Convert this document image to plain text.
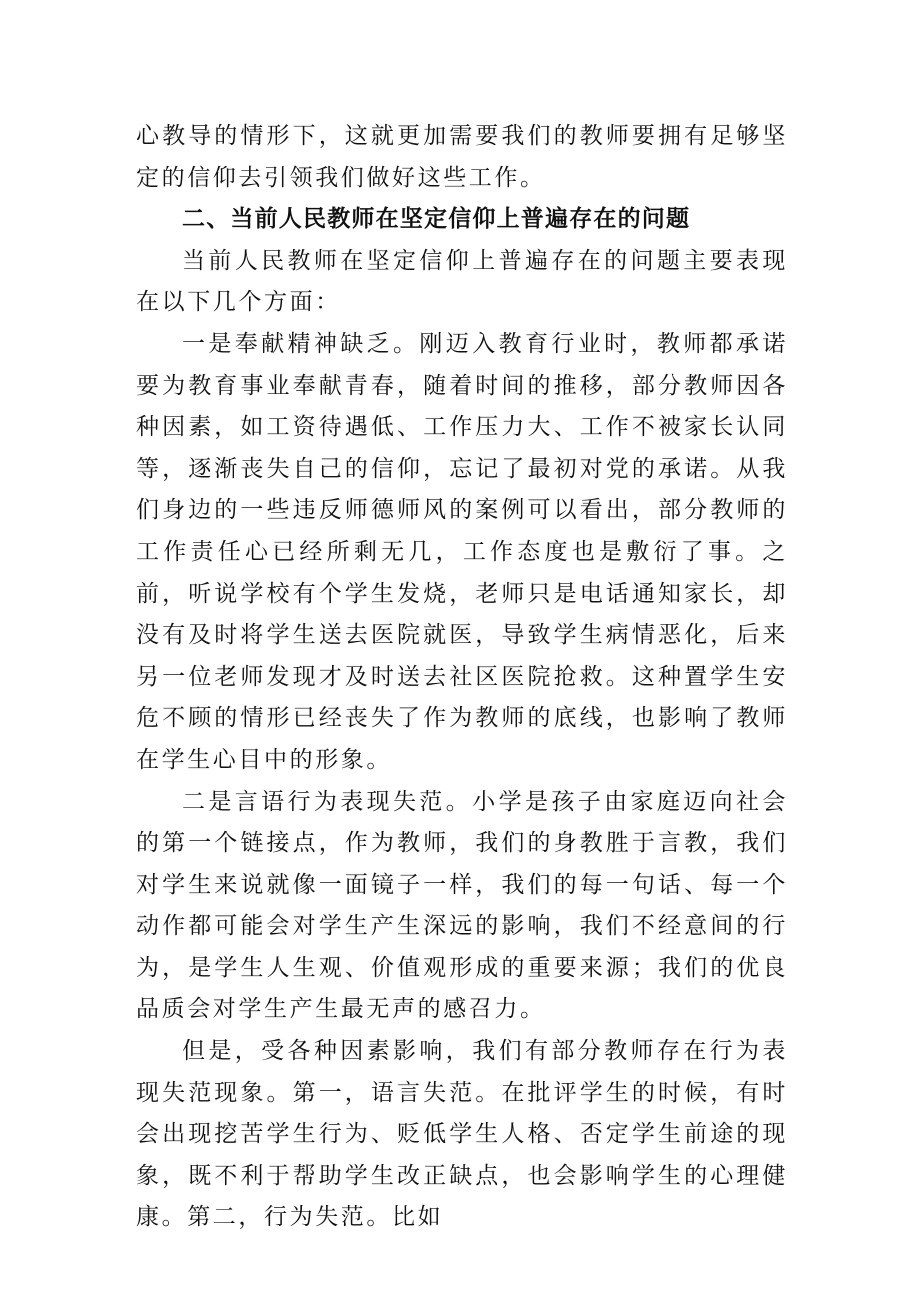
心教导的情形下，这就更加需要我们的教师要拥有足够坚定的信仰去引领我们做好这些工作。

二、当前人民教师在坚定信仰上普遍存在的问题

当前人民教师在坚定信仰上普遍存在的问题主要表现在以下几个方面：

一是奉献精神缺乏。刚迈入教育行业时，教师都承诺要为教育事业奉献青春，随着时间的推移，部分教师因各种因素，如工资待遇低、工作压力大、工作不被家长认同等，逐渐丧失自己的信仰，忘记了最初对党的承诺。从我们身边的一些违反师德师风的案例可以看出，部分教师的工作责任心已经所剩无几，工作态度也是敷衍了事。之前，听说学校有个学生发烧，老师只是电话通知家长，却没有及时将学生送去医院就医，导致学生病情恶化，后来另一位老师发现才及时送去社区医院抢救。这种置学生安危不顾的情形已经丧失了作为教师的底线，也影响了教师在学生心目中的形象。

二是言语行为表现失范。小学是孩子由家庭迈向社会的第一个链接点，作为教师，我们的身教胜于言教，我们对学生来说就像一面镜子一样，我们的每一句话、每一个动作都可能会对学生产生深远的影响，我们不经意间的行为，是学生人生观、价值观形成的重要来源；我们的优良品质会对学生产生最无声的感召力。

但是，受各种因素影响，我们有部分教师存在行为表现失范现象。第一，语言失范。在批评学生的时候，有时会出现挖苦学生行为、贬低学生人格、否定学生前途的现象，既不利于帮助学生改正缺点，也会影响学生的心理健康。第二，行为失范。比如
